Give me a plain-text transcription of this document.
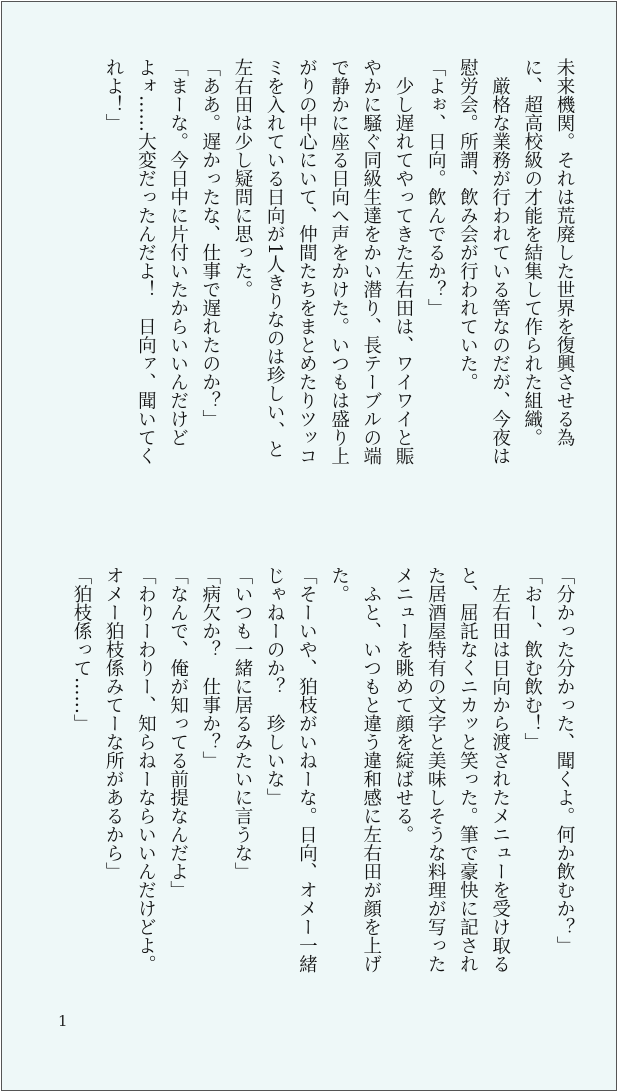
未来機関。それは荒廃した世界を復興させる為
に、超高校級の才能を結集して作られた組織。
　厳格な業務が行われている筈なのだが、今夜は
慰労会。所謂、飲み会が行われていた。
「よぉ、日向。飲んでるか？」
　少し遅れてやってきた左右田は、ワイワイと賑
やかに騒ぐ同級生達をかい潜り、長テーブルの端
で静かに座る日向へ声をかけた。いつもは盛り上
がりの中心にいて、仲間たちをまとめたりツッコ
ミを入れている日向が1人きりなのは珍しい、と
左右田は少し疑問に思った。
「ああ。遅かったな、仕事で遅れたのか？」
「まーな。今日中に片付いたからいいんだけど
よォ……大変だったんだよ！　日向ァ、聞いてく
れよ！」
「分かった分かった、聞くよ。何か飲むか？」
「おー、飲む飲む！」
　左右田は日向から渡されたメニューを受け取る
と、屈託なくニカッと笑った。筆で豪快に記され
た居酒屋特有の文字と美味しそうな料理が写った
メニューを眺めて顔を綻ばせる。
　ふと、いつもと違う違和感に左右田が顔を上げ
た。
「そーいや、狛枝がいねーな。日向、オメー一緒
じゃねーのか？　珍しいな」
「いつも一緒に居るみたいに言うな」
「病欠か？　仕事か？」
「なんで、俺が知ってる前提なんだよ」
「わりーわりー、知らねーならいいんだけどよ。
オメー狛枝係みてーな所があるから」
「狛枝係って……」
1
